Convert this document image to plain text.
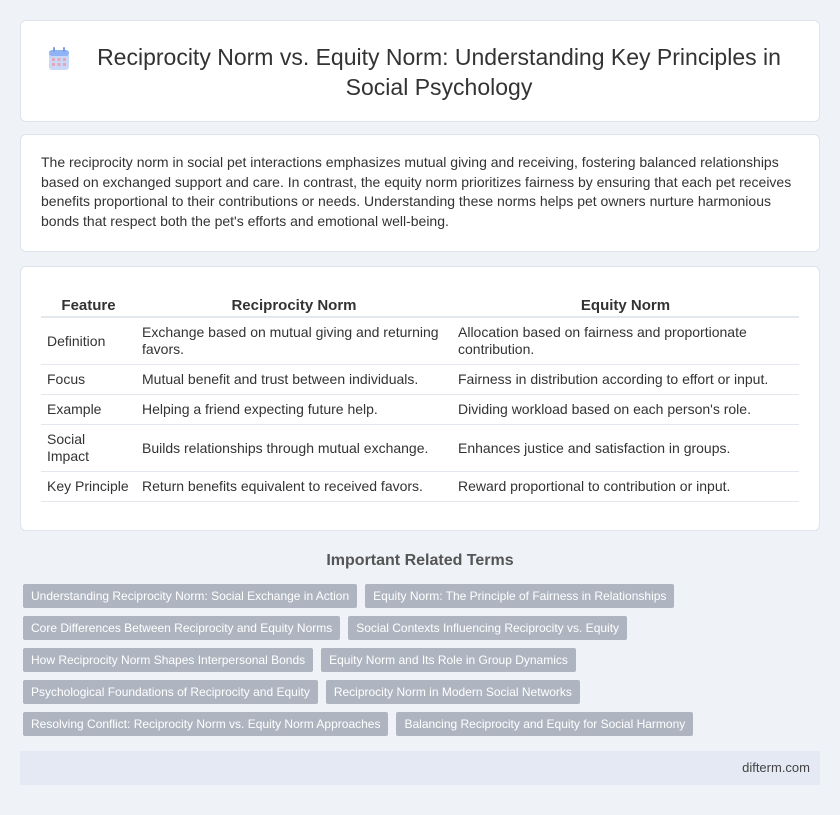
Reciprocity Norm vs. Equity Norm: Understanding Key Principles in Social Psychology

The reciprocity norm in social pet interactions emphasizes mutual giving and receiving, fostering balanced relationships based on exchanged support and care. In contrast, the equity norm prioritizes fairness by ensuring that each pet receives benefits proportional to their contributions or needs. Understanding these norms helps pet owners nurture harmonious bonds that respect both the pet's efforts and emotional well-being.

Feature	Reciprocity Norm	Equity Norm
Definition	Exchange based on mutual giving and returning favors.	Allocation based on fairness and proportionate contribution.
Focus	Mutual benefit and trust between individuals.	Fairness in distribution according to effort or input.
Example	Helping a friend expecting future help.	Dividing workload based on each person's role.
Social Impact	Builds relationships through mutual exchange.	Enhances justice and satisfaction in groups.
Key Principle	Return benefits equivalent to received favors.	Reward proportional to contribution or input.
Important Related Terms
Understanding Reciprocity Norm: Social Exchange in Action	Equity Norm: The Principle of Fairness in Relationships
Core Differences Between Reciprocity and Equity Norms	Social Contexts Influencing Reciprocity vs. Equity
How Reciprocity Norm Shapes Interpersonal Bonds	Equity Norm and Its Role in Group Dynamics
Psychological Foundations of Reciprocity and Equity	Reciprocity Norm in Modern Social Networks
Resolving Conflict: Reciprocity Norm vs. Equity Norm Approaches	Balancing Reciprocity and Equity for Social Harmony
difterm.com
